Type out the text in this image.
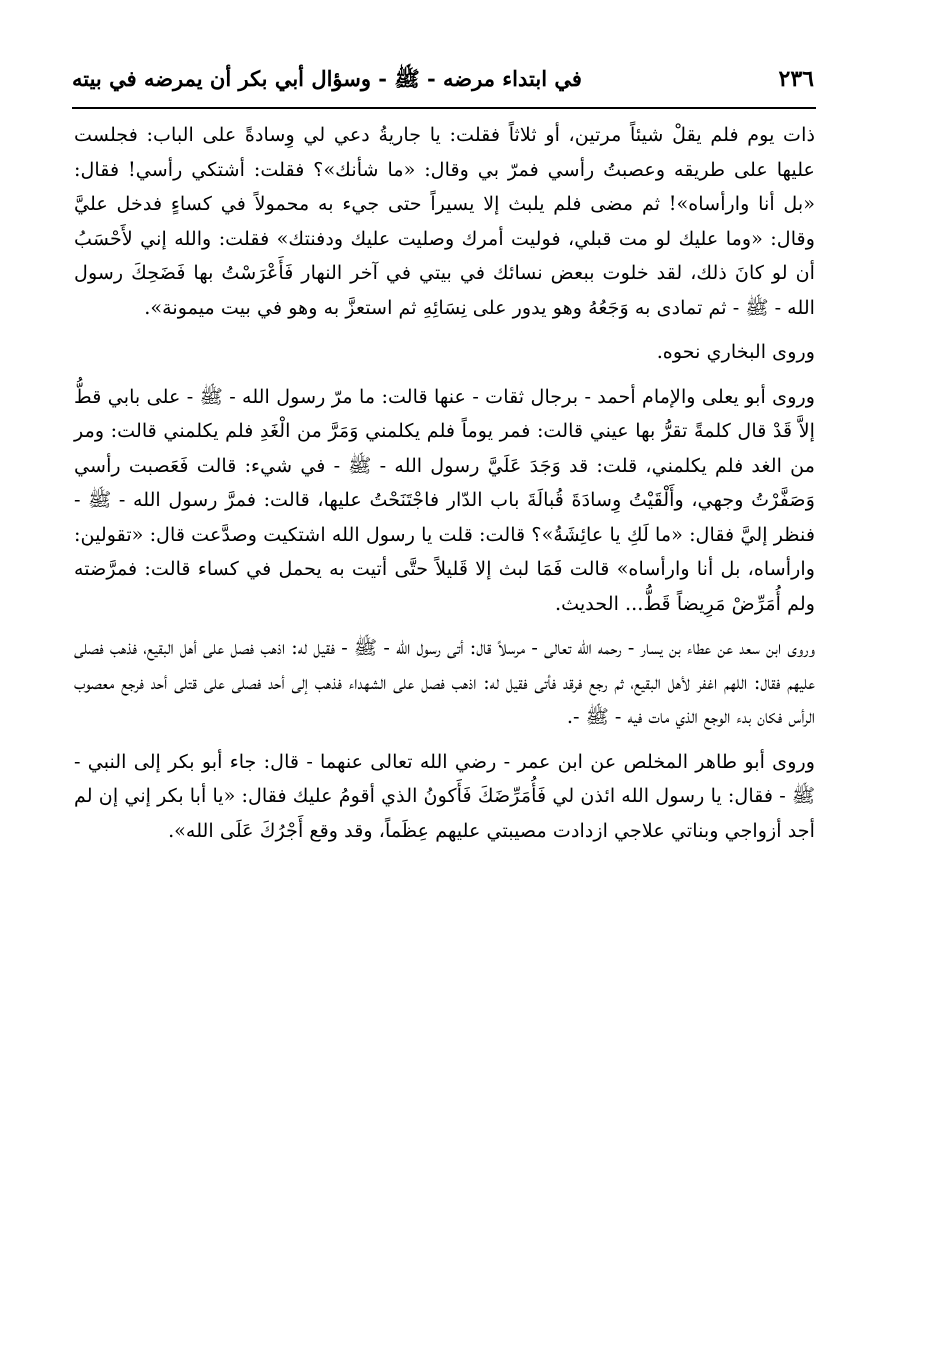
٢٣٦
في ابتداء مرضه - ﷺ - وسؤال أبي بكر أن يمرضه في بيته

ذات يوم فلم يقلْ شيئاً مرتين، أو ثلاثاً فقلت: يا جاريةُ دعي لي وِسادةً على الباب: فجلست عليها على طريقه وعصبتُ رأسي فمرّ بي وقال: «ما شأنك»؟ فقلت: أشتكي رأسي! فقال: «بل أنا وارأساه»! ثم مضى فلم يلبث إلا يسيراً حتى جيء به محمولاً في كساءٍ فدخل عليَّ وقال: «وما عليك لو مت قبلي، فوليت أمرك وصليت عليك ودفنتك» فقلت: والله إني لأَحْسَبُ أن لو كانَ ذلك، لقد خلوت ببعض نسائك في بيتي في آخر النهار فَأَعْرَسْتُ بها فَضَحِكَ رسول الله - ﷺ - ثم تمادى به وَجَعُهُ وهو يدور على نِسَائِهِ ثم استعزَّ به وهو في بيت ميمونة».

وروى البخاري نحوه.

وروى أبو يعلى والإمام أحمد - برجال ثقات - عنها قالت: ما مرّ رسول الله - ﷺ - على بابي قطُّ إلاَّ قَدْ قال كلمةً تقرُّ بها عيني قالت: فمر يوماً فلم يكلمني وَمَرَّ من الْغَدِ فلم يكلمني قالت: ومر من الغد فلم يكلمني، قلت: قد وَجَدَ عَلَيَّ رسول الله - ﷺ - في شيء: قالت فَعَصبت رأسي وَصَفَّرْتُ وجهي، وأَلْقَيْتُ وِسادَةَ قُبالَةَ باب الدّار فاجْتَنَحْتُ عليها، قالت: فمرَّ رسول الله - ﷺ - فنظر إليَّ فقال: «ما لَكِ يا عائِشَةُ»؟ قالت: قلت يا رسول الله اشتكيت وصدَّعت قال: «تقولين: وارأساه، بل أنا وارأساه» قالت فَمَا لبث إلا قَليلاً حتَّى أتيت به يحمل في كساء قالت: فمرَّضته ولم أُمَرِّضْ مَرِيضاً قَطُّ... الحديث.

وروى ابن سعد عن عطاء بن يسار - رحمه الله تعالى - مرسلاً قال: أتى رسول الله - ﷺ - فقيل له: اذهب فصل على أهل البقيع، فذهب فصلى عليهم فقال: اللهم اغفر لأهل البقيع، ثم رجع فرقد فأتى فقيل له: اذهب فصل على الشهداء فذهب إلى أحد فصلى على قتلى أحد فرجع معصوب الرأس فكان بدء الوجع الذي مات فيه - ﷺ -.

وروى أبو طاهر المخلص عن ابن عمر - رضي الله تعالى عنهما - قال: جاء أبو بكر إلى النبي - ﷺ - فقال: يا رسول الله ائذن لي فَأُمَرِّضَكَ فَأَكونُ الذي أقومُ عليك فقال: «يا أبا بكر إني إن لم أجد أزواجي وبناتي علاجي ازدادت مصيبتي عليهم عِظَماً، وقد وقع أَجْرُكَ عَلَى الله».
